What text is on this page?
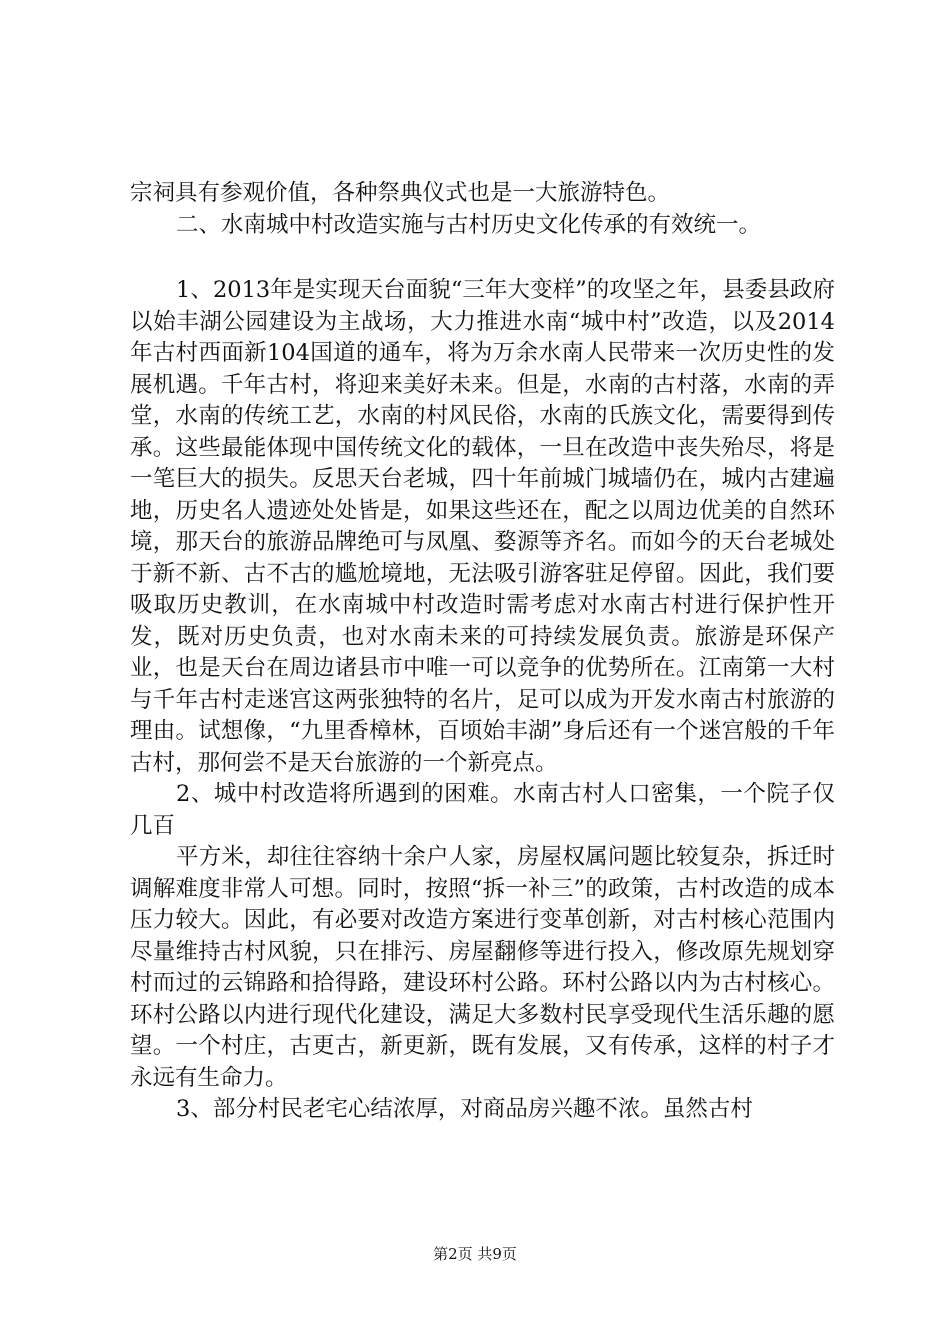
宗祠具有参观价值，各种祭典仪式也是一大旅游特色。

二、水南城中村改造实施与古村历史文化传承的有效统一。

1、2013年是实现天台面貌“三年大变样”的攻坚之年，县委县政府以始丰湖公园建设为主战场，大力推进水南“城中村”改造，以及2014年古村西面新104国道的通车，将为万余水南人民带来一次历史性的发展机遇。千年古村，将迎来美好未来。但是，水南的古村落，水南的弄堂，水南的传统工艺，水南的村风民俗，水南的氏族文化，需要得到传承。这些最能体现中国传统文化的载体，一旦在改造中丧失殆尽，将是一笔巨大的损失。反思天台老城，四十年前城门城墙仍在，城内古建遍地，历史名人遗迹处处皆是，如果这些还在，配之以周边优美的自然环境，那天台的旅游品牌绝可与凤凰、婺源等齐名。而如今的天台老城处于新不新、古不古的尴尬境地，无法吸引游客驻足停留。因此，我们要吸取历史教训，在水南城中村改造时需考虑对水南古村进行保护性开发，既对历史负责，也对水南未来的可持续发展负责。旅游是环保产业，也是天台在周边诸县市中唯一可以竞争的优势所在。江南第一大村与千年古村走迷宫这两张独特的名片，足可以成为开发水南古村旅游的理由。试想像，“九里香樟林，百顷始丰湖”身后还有一个迷宫般的千年古村，那何尝不是天台旅游的一个新亮点。

2、城中村改造将所遇到的困难。水南古村人口密集，一个院子仅几百

平方米，却往往容纳十余户人家，房屋权属问题比较复杂，拆迁时调解难度非常人可想。同时，按照“拆一补三”的政策，古村改造的成本压力较大。因此，有必要对改造方案进行变革创新，对古村核心范围内尽量维持古村风貌，只在排污、房屋翻修等进行投入，修改原先规划穿村而过的云锦路和拾得路，建设环村公路。环村公路以内为古村核心。环村公路以内进行现代化建设，满足大多数村民享受现代生活乐趣的愿望。一个村庄，古更古，新更新，既有发展，又有传承，这样的村子才永远有生命力。

3、部分村民老宅心结浓厚，对商品房兴趣不浓。虽然古村

第2页 共9页
